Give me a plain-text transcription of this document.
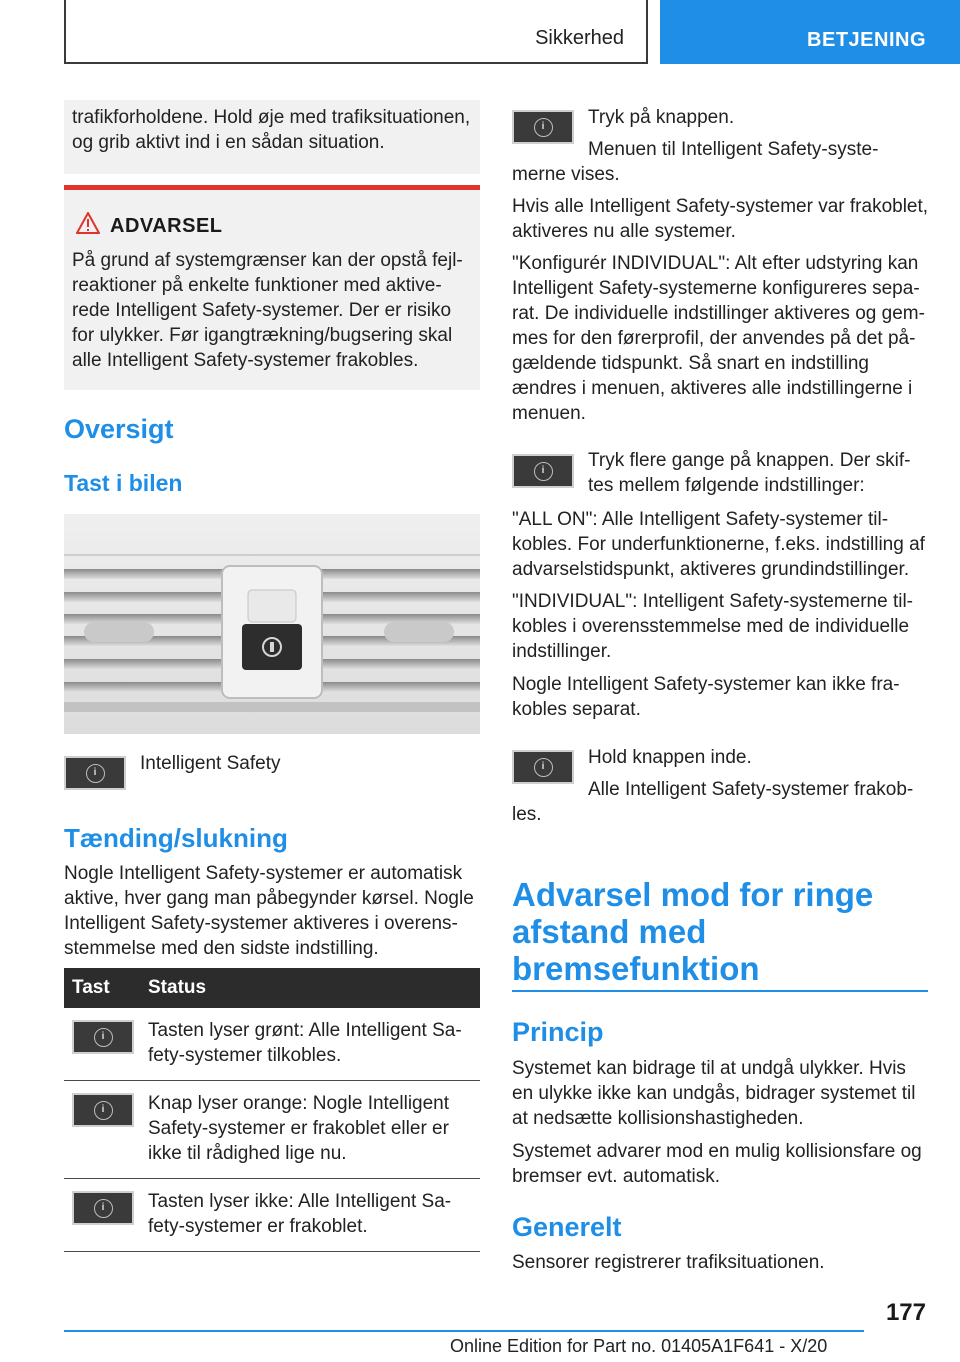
Sikkerhed	BETJENING
trafikforholdene. Hold øje med trafiksituationen, og grib aktivt ind i en sådan situation.
ADVARSEL
På grund af systemgrænser kan der opstå fejl-reaktioner på enkelte funktioner med aktive-rede Intelligent Safety-systemer. Der er risiko for ulykker. Før igangtrækning/bugsering skal alle Intelligent Safety-systemer frakobles.
Oversigt
Tast i bilen
i	Intelligent Safety
Tænding/slukning
Nogle Intelligent Safety-systemer er automatisk aktive, hver gang man påbegynder kørsel. Nogle Intelligent Safety-systemer aktiveres i overens-stemmelse med den sidste indstilling.
Tast	Status

i	Tasten lyser grønt: Alle Intelligent Sa-fety-systemer tilkobles.

i	Knap lyser orange: Nogle Intelligent Safety-systemer er frakoblet eller er ikke til rådighed lige nu.

i	Tasten lyser ikke: Alle Intelligent Sa-fety-systemer er frakoblet.
i	Tryk på knappen.
Menuen til Intelligent Safety-syste-merne vises.
Hvis alle Intelligent Safety-systemer var frakoblet, aktiveres nu alle systemer.
"Konfigurér INDIVIDUAL": Alt efter udstyring kan Intelligent Safety-systemerne konfigureres sepa-rat. De individuelle indstillinger aktiveres og gem-mes for den førerprofil, der anvendes på det på-gældende tidspunkt. Så snart en indstilling ændres i menuen, aktiveres alle indstillingerne i menuen.
i	Tryk flere gange på knappen. Der skif-tes mellem følgende indstillinger:
"ALL ON": Alle Intelligent Safety-systemer til-kobles. For underfunktionerne, f.eks. indstilling af advarselstidspunkt, aktiveres grundindstillinger.
"INDIVIDUAL": Intelligent Safety-systemerne til-kobles i overensstemmelse med de individuelle indstillinger.
Nogle Intelligent Safety-systemer kan ikke fra-kobles separat.
i	Hold knappen inde.
Alle Intelligent Safety-systemer frakob-les.
Advarsel mod for ringe afstand med bremsefunktion
Princip
Systemet kan bidrage til at undgå ulykker. Hvis en ulykke ikke kan undgås, bidrager systemet til at nedsætte kollisionshastigheden.
Systemet advarer mod en mulig kollisionsfare og bremser evt. automatisk.
Generelt
Sensorer registrerer trafiksituationen.
177
Online Edition for Part no. 01405A1F641 - X/20
